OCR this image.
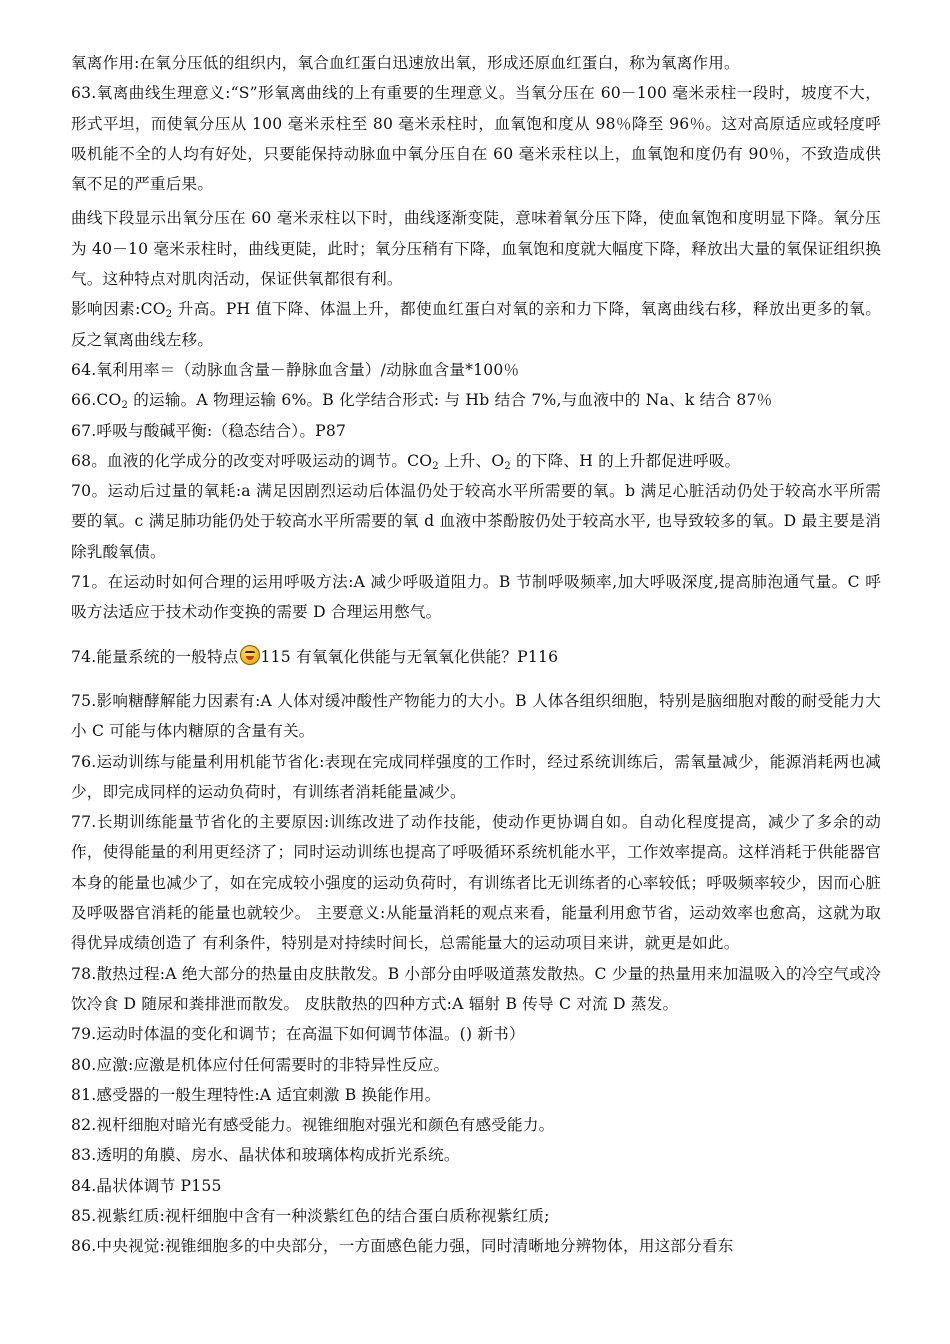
氧离作用:在氧分压低的组织内，氧合血红蛋白迅速放出氧，形成还原血红蛋白，称为氧离作用。

63.氧离曲线生理意义:“S”形氧离曲线的上有重要的生理意义。当氧分压在 60－100 毫米汞柱一段时，坡度不大，形式平坦，而使氧分压从 100 毫米汞柱至 80 毫米汞柱时，血氧饱和度从 98％降至 96％。这对高原适应或轻度呼吸机能不全的人均有好处，只要能保持动脉血中氧分压自在 60 毫米汞柱以上，血氧饱和度仍有 90％，不致造成供氧不足的严重后果。

曲线下段显示出氧分压在 60 毫米汞柱以下时，曲线逐渐变陡，意味着氧分压下降，使血氧饱和度明显下降。氧分压为 40－10 毫米汞柱时，曲线更陡，此时；氧分压稍有下降，血氧饱和度就大幅度下降，释放出大量的氧保证组织换气。这种特点对肌肉活动，保证供氧都很有利。

影响因素$:CO_2$ 升高。PH 值下降、体温上升，都使血红蛋白对氧的亲和力下降，氧离曲线右移，释放出更多的氧。反之氧离曲线左移。

64.氧利用率＝（动脉血含量－静脉血含量）/动脉血含量*100％

$66.CO_2$ 的运输。A 物理运输 6%。B 化学结合形式: 与 Hb 结合 7%,与血液中的 Na、k 结合 87％

67.呼吸与酸碱平衡:（稳态结合）。P87

68。血液的化学成分的改变对呼吸运动的调节。$CO_2$ 上升、$O_2$ 的下降、H 的上升都促进呼吸。

70。运动后过量的氧耗:a 满足因剧烈运动后体温仍处于较高水平所需要的氧。b 满足心脏活动仍处于较高水平所需要的氧。c 满足肺功能仍处于较高水平所需要的氧 d 血液中茶酚胺仍处于较高水平, 也导致较多的氧。D 最主要是消除乳酸氧债。

71。在运动时如何合理的运用呼吸方法:A 减少呼吸道阻力。B 节制呼吸频率,加大呼吸深度,提高肺泡通气量。C 呼吸方法适应于技术动作变换的需要 D 合理运用憋气。

74.能量系统的一般特点 115 有氧氧化供能与无氧氧化供能？P116

75.影响糖酵解能力因素有:A 人体对缓冲酸性产物能力的大小。B 人体各组织细胞，特别是脑细胞对酸的耐受能力大小 C 可能与体内糖原的含量有关。

76.运动训练与能量利用机能节省化:表现在完成同样强度的工作时，经过系统训练后，需氧量减少，能源消耗两也减少，即完成同样的运动负荷时，有训练者消耗能量减少。

77.长期训练能量节省化的主要原因:训练改进了动作技能，使动作更协调自如。自动化程度提高，减少了多余的动作，使得能量的利用更经济了；同时运动训练也提高了呼吸循环系统机能水平，工作效率提高。这样消耗于供能器官本身的能量也减少了，如在完成较小强度的运动负荷时，有训练者比无训练者的心率较低；呼吸频率较少，因而心脏及呼吸器官消耗的能量也就较少。 主要意义:从能量消耗的观点来看，能量利用愈节省，运动效率也愈高，这就为取得优异成绩创造了 有利条件，特别是对持续时间长，总需能量大的运动项目来讲，就更是如此。

78.散热过程:A 绝大部分的热量由皮肤散发。B 小部分由呼吸道蒸发散热。C 少量的热量用来加温吸入的冷空气或冷饮冷食 D 随尿和粪排泄而散发。 皮肤散热的四种方式:A 辐射 B 传导 C 对流 D 蒸发。

79.运动时体温的变化和调节；在高温下如何调节体温。() 新书）

80.应激:应激是机体应付任何需要时的非特异性反应。

81.感受器的一般生理特性:A 适宜刺激 B 换能作用。

82.视杆细胞对暗光有感受能力。视锥细胞对强光和颜色有感受能力。

83.透明的角膜、房水、晶状体和玻璃体构成折光系统。

84.晶状体调节 P155

85.视紫红质:视杆细胞中含有一种淡紫红色的结合蛋白质称视紫红质;

86.中央视觉:视锥细胞多的中央部分，一方面感色能力强，同时清晰地分辨物体，用这部分看东
